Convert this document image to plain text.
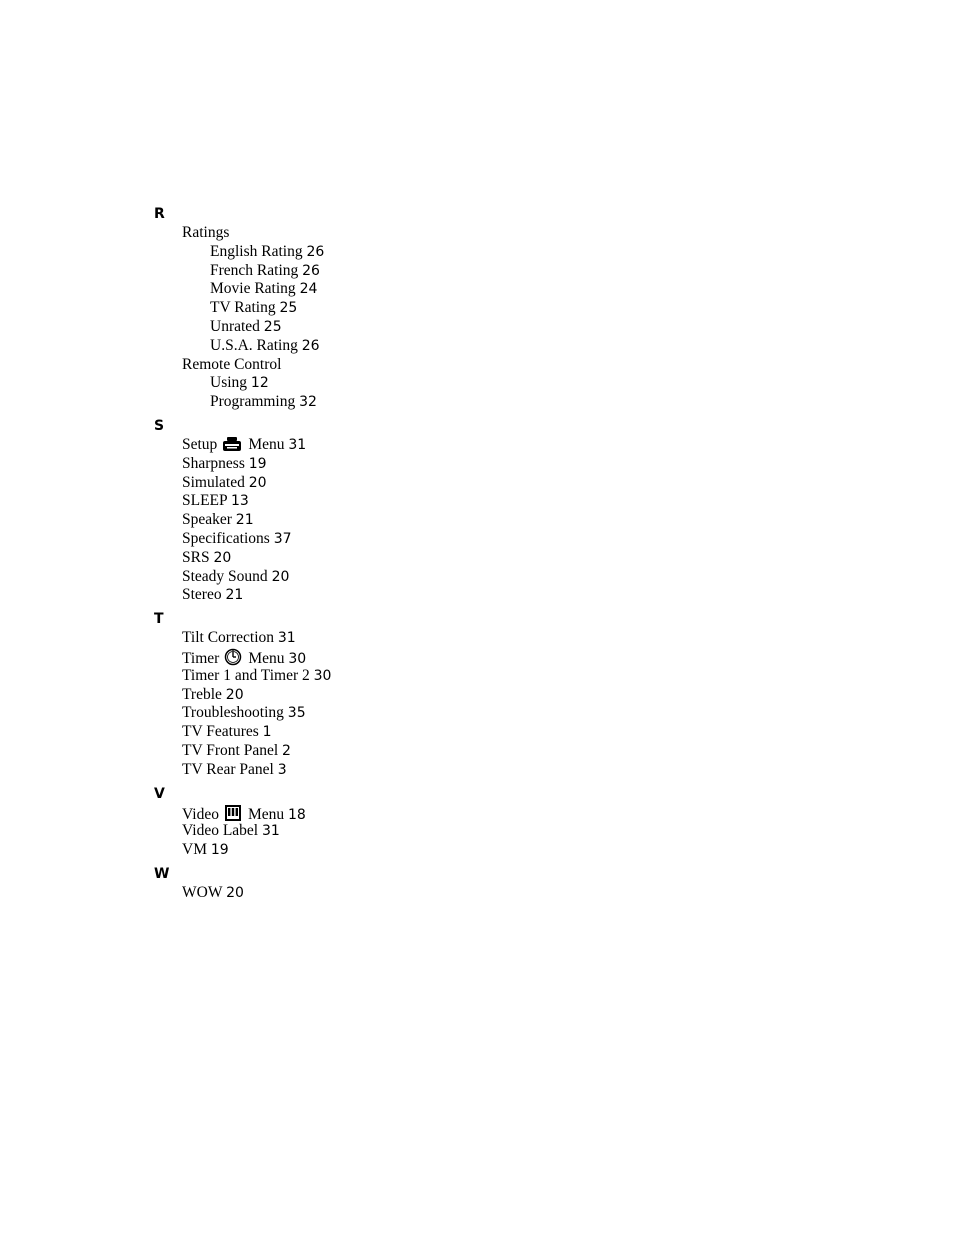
R
Ratings
English Rating 26
French Rating 26
Movie Rating 24
TV Rating 25
Unrated 25
U.S.A. Rating 26
Remote Control
Using 12
Programming 32
S
Setup Menu 31
Sharpness 19
Simulated 20
SLEEP 13
Speaker 21
Specifications 37
SRS 20
Steady Sound 20
Stereo 21
T
Tilt Correction 31
Timer Menu 30
Timer 1 and Timer 2 30
Treble 20
Troubleshooting 35
TV Features 1
TV Front Panel 2
TV Rear Panel 3
V
Video Menu 18
Video Label 31
VM 19
W
WOW 20
